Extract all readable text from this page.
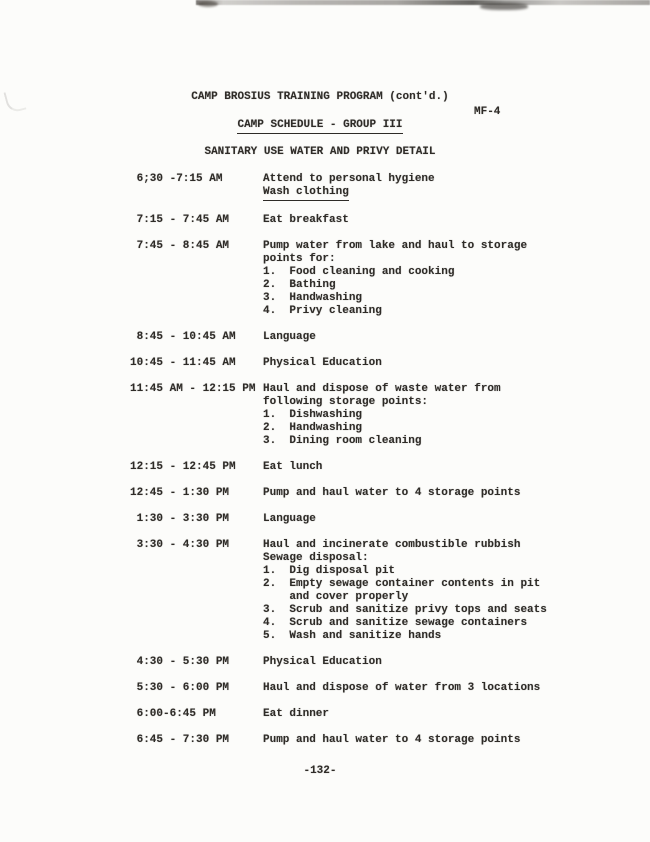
CAMP BROSIUS TRAINING PROGRAM (cont'd.)
MF-4
CAMP SCHEDULE - GROUP III
SANITARY USE WATER AND PRIVY DETAIL
6;30 -7:15 AM	Attend to personal hygiene
Wash clothing
7:15 - 7:45 AM	Eat breakfast
7:45 - 8:45 AM	Pump water from lake and haul to storage
points for:
1.  Food cleaning and cooking
2.  Bathing
3.  Handwashing
4.  Privy cleaning
8:45 - 10:45 AM	Language
10:45 - 11:45 AM	Physical Education
11:45 AM - 12:15 PM Haul and dispose of waste water from
following storage points:
1.  Dishwashing
2.  Handwashing
3.  Dining room cleaning
12:15 - 12:45 PM	Eat lunch
12:45 - 1:30 PM	Pump and haul water to 4 storage points
1:30 - 3:30 PM	Language
3:30 - 4:30 PM	Haul and incinerate combustible rubbish
Sewage disposal:
1.  Dig disposal pit
2.  Empty sewage container contents in pit
and cover properly
3.  Scrub and sanitize privy tops and seats
4.  Scrub and sanitize sewage containers
5.  Wash and sanitize hands
4:30 - 5:30 PM	Physical Education
5:30 - 6:00 PM	Haul and dispose of water from 3 locations
6:00-6:45 PM	Eat dinner
6:45 - 7:30 PM	Pump and haul water to 4 storage points
-132-
